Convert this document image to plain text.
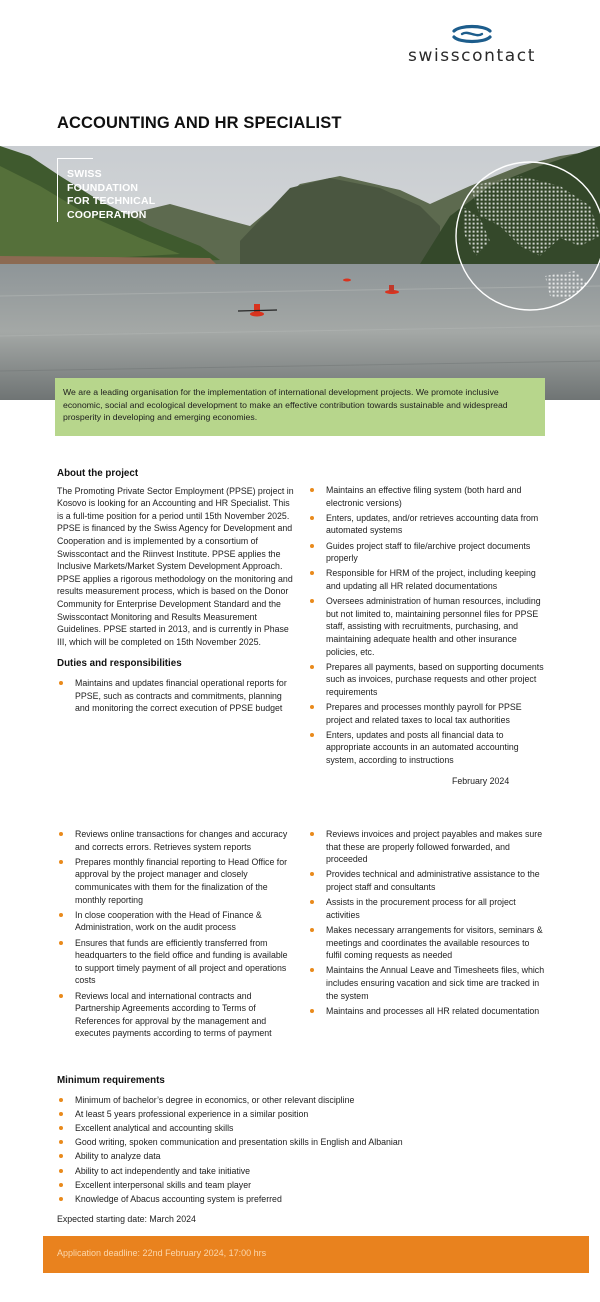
swisscontact
ACCOUNTING AND HR SPECIALIST
SWISS
FOUNDATION
FOR TECHNICAL
COOPERATION
We are a leading organisation for the implementation of international development projects. We promote inclusive economic, social and ecological development to make an effective contribution towards sustainable and widespread prosperity in developing and emerging economies.
About the project

The Promoting Private Sector Employment (PPSE) project in Kosovo is looking for an Accounting and HR Specialist. This is a full-time position for a period until 15th November 2025. PPSE is financed by the Swiss Agency for Development and Cooperation and is implemented by a consortium of Swisscontact and the Riinvest Institute. PPSE applies the Inclusive Markets/Market System Development Approach. PPSE applies a rigorous methodology on the monitoring and results measurement process, which is based on the Donor Community for Enterprise Development Standard and the Swisscontact Monitoring and Results Measurement Guidelines. PPSE started in 2013, and is currently in Phase III, which will be completed on 15th November 2025.

Duties and responsibilities
Maintains and updates financial operational reports for PPSE, such as contracts and commitments, planning and monitoring the correct execution of PPSE budget
Maintains an effective filing system (both hard and electronic versions)
Enters, updates, and/or retrieves accounting data from automated systems
Guides project staff to file/archive project documents properly
Responsible for HRM of the project, including keeping and updating all HR related documentations
Oversees administration of human resources, including but not limited to, maintaining personnel files for PPSE staff, assisting with recruitments, purchasing, and maintaining adequate health and other insurance policies, etc.
Prepares all payments, based on supporting documents such as invoices, purchase requests and other project requirements
Prepares and processes monthly payroll for PPSE project and related taxes to local tax authorities
Enters, updates and posts all financial data to appropriate accounts in an automated accounting system, according to instructions
February 2024
Reviews online transactions for changes and accuracy and corrects errors. Retrieves system reports
Prepares monthly financial reporting to Head Office for approval by the project manager and closely communicates with them for the finalization of the monthly reporting
In close cooperation with the Head of Finance & Administration, work on the audit process
Ensures that funds are efficiently transferred from headquarters to the field office and funding is available to support timely payment of all project and operations costs
Reviews local and international contracts and Partnership Agreements according to Terms of References for approval by the management and executes payments according to terms of payment
Reviews invoices and project payables and makes sure that these are properly followed forwarded, and proceeded
Provides technical and administrative assistance to the project staff and consultants
Assists in the procurement process for all project activities
Makes necessary arrangements for visitors, seminars & meetings and coordinates the available resources to fulfil coming requests as needed
Maintains the Annual Leave and Timesheets files, which includes ensuring vacation and sick time are tracked in the system
Maintains and processes all HR related documentation
Minimum requirements
Minimum of bachelor’s degree in economics, or other relevant discipline
At least 5 years professional experience in a similar position
Excellent analytical and accounting skills
Good writing, spoken communication and presentation skills in English and Albanian
Ability to analyze data
Ability to act independently and take initiative
Excellent interpersonal skills and team player
Knowledge of Abacus accounting system is preferred
Expected starting date: March 2024
Application deadline: 22nd February 2024, 17:00 hrs
